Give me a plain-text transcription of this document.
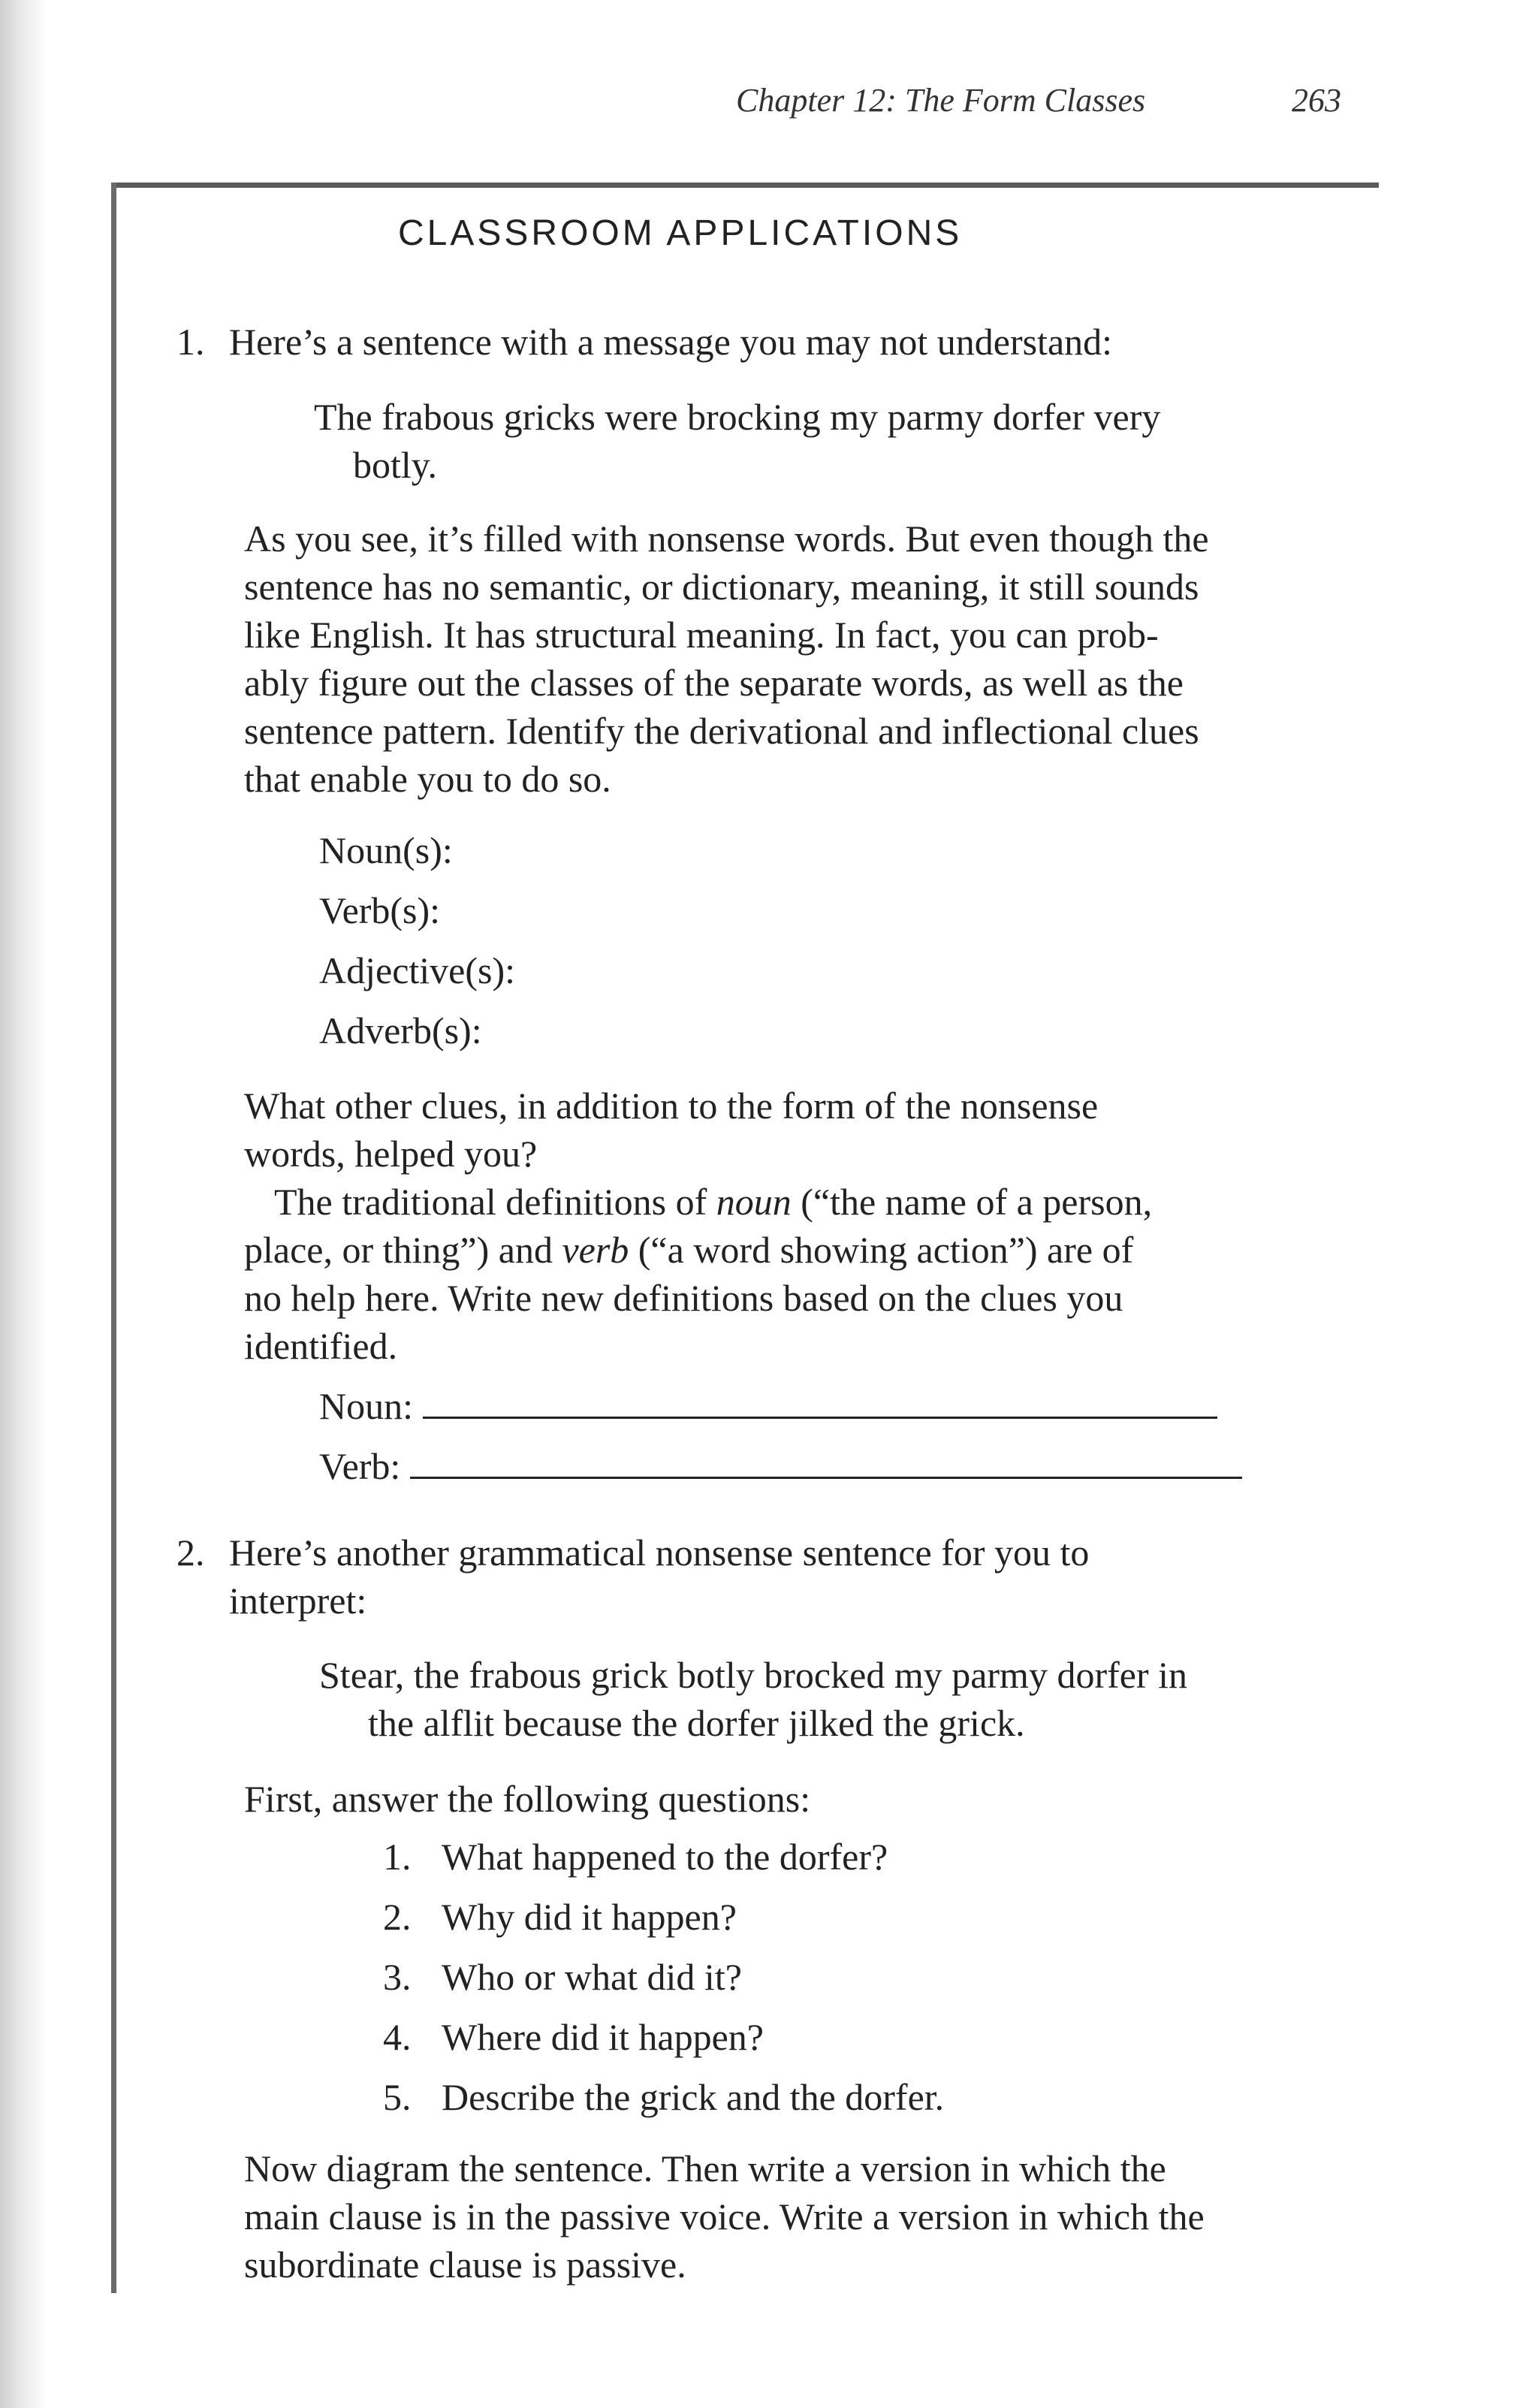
Chapter 12: The Form Classes	263
CLASSROOM APPLICATIONS
1. Here’s a sentence with a message you may not understand:
The frabous gricks were brocking my parmy dorfer very
botly.
As you see, it’s filled with nonsense words. But even though the
sentence has no semantic, or dictionary, meaning, it still sounds
like English. It has structural meaning. In fact, you can prob-
ably figure out the classes of the separate words, as well as the
sentence pattern. Identify the derivational and inflectional clues
that enable you to do so.
Noun(s):
Verb(s):
Adjective(s):
Adverb(s):
What other clues, in addition to the form of the nonsense
words, helped you?
The traditional definitions of noun (“the name of a person,
place, or thing”) and verb (“a word showing action”) are of
no help here. Write new definitions based on the clues you
identified.
Noun:
Verb:
2. Here’s another grammatical nonsense sentence for you to
interpret:
Stear, the frabous grick botly brocked my parmy dorfer in
the alflit because the dorfer jilked the grick.
First, answer the following questions:
1. What happened to the dorfer?
2. Why did it happen?
3. Who or what did it?
4. Where did it happen?
5. Describe the grick and the dorfer.
Now diagram the sentence. Then write a version in which the
main clause is in the passive voice. Write a version in which the
subordinate clause is passive.
